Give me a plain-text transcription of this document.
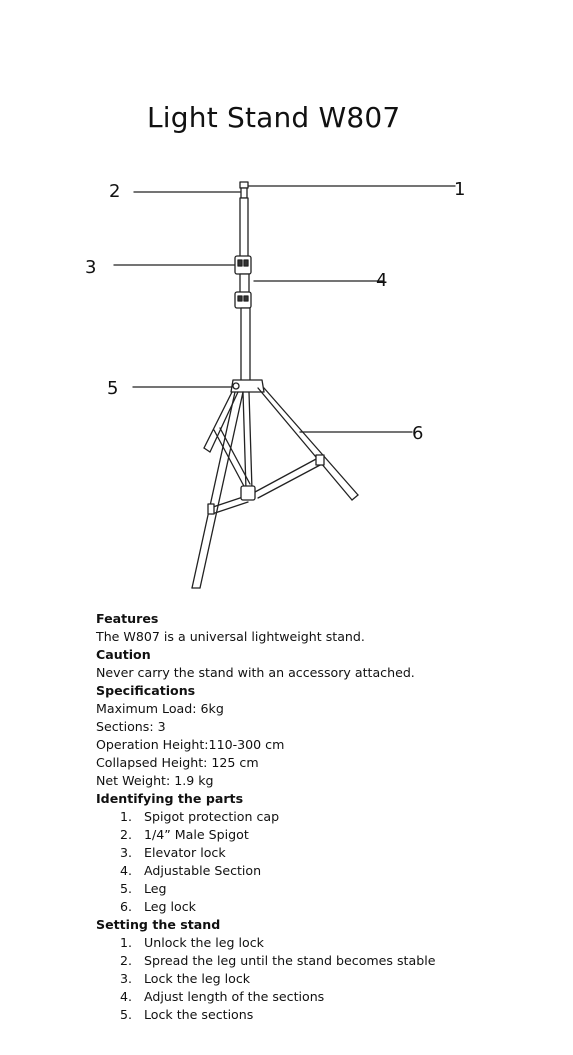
Light Stand W807
1
2
3
4
5
6
Features
The W807 is a universal lightweight stand.
Caution
Never carry the stand with an accessory attached.
Specifications
Maximum Load: 6kg
Sections: 3
Operation Height:110-300 cm
Collapsed Height: 125 cm
Net Weight: 1.9 kg
Identifying the parts
1. Spigot protection cap
2. 1/4” Male Spigot
3. Elevator lock
4. Adjustable Section
5. Leg
6. Leg lock
Setting the stand
1. Unlock the leg lock
2. Spread the leg until the stand becomes stable
3. Lock the leg lock
4. Adjust length of the sections
5. Lock the sections
